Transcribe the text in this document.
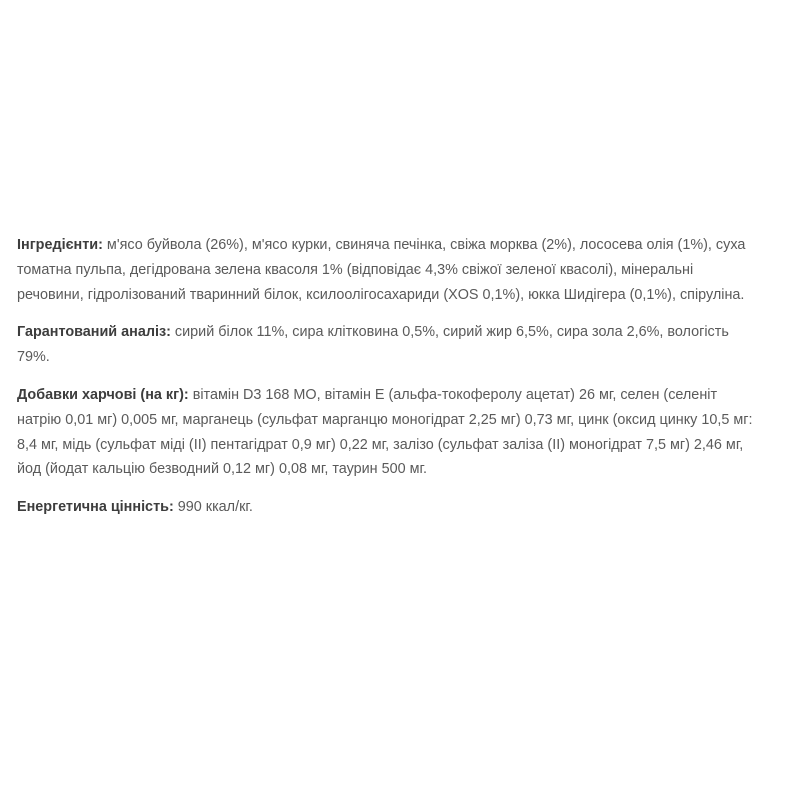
Інгредієнти: м'ясо буйвола (26%), м'ясо курки, свиняча печінка, свіжа морква (2%), лососева олія (1%), суха томатна пульпа, дегідрована зелена квасоля 1% (відповідає 4,3% свіжої зеленої квасолі), мінеральні речовини, гідролізований тваринний білок, ксилоолігосахариди (XOS 0,1%), юкка Шидігера (0,1%), спіруліна.

Гарантований аналіз: сирий білок 11%, сира клітковина 0,5%, сирий жир 6,5%, сира зола 2,6%, вологість 79%.

Добавки харчові (на кг): вітамін D3 168 МО, вітамін Е (альфа-токоферолу ацетат) 26 мг, селен (селеніт натрію 0,01 мг) 0,005 мг, марганець (сульфат марганцю моногідрат 2,25 мг) 0,73 мг, цинк (оксид цинку 10,5 мг: 8,4 мг, мідь (сульфат міді (II) пентагідрат 0,9 мг) 0,22 мг, залізо (сульфат заліза (II) моногідрат 7,5 мг) 2,46 мг, йод (йодат кальцію безводний 0,12 мг) 0,08 мг, таурин 500 мг.

Енергетична цінність: 990 ккал/кг.
